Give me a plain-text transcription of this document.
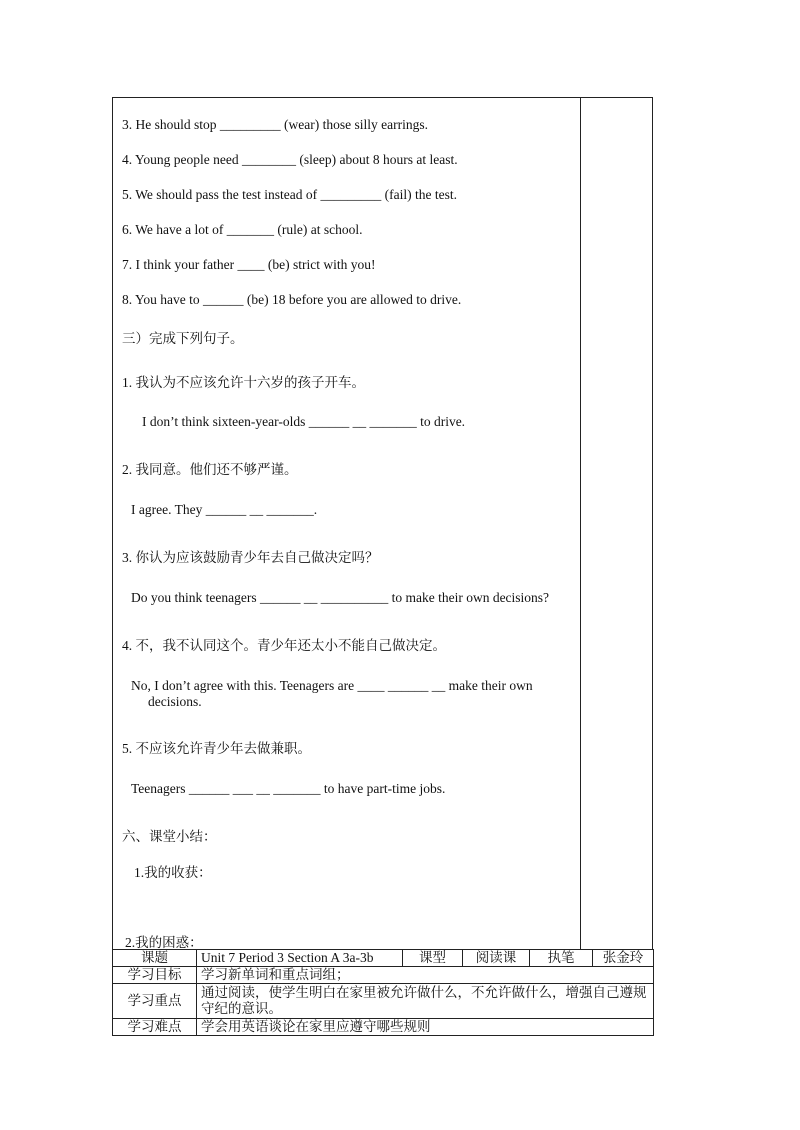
3. He should stop _________ (wear) those silly earrings.
4. Young people need ________ (sleep) about 8 hours at least.
5. We should pass the test instead of _________ (fail) the test.
6. We have a lot of _______ (rule) at school.
7. I think your father ____ (be) strict with you!
8. You have to ______ (be) 18 before you are allowed to drive.
三）完成下列句子。
1. 我认为不应该允许十六岁的孩子开车。
I don’t think sixteen-year-olds ______ __ _______ to drive.
2. 我同意。他们还不够严谨。
I agree. They ______ __ _______.
3. 你认为应该鼓励青少年去自己做决定吗？
Do you think teenagers ______ __ __________ to make their own decisions?
4. 不，我不认同这个。青少年还太小不能自己做决定。
No, I don’t agree with this. Teenagers are ____ ______ __ make their own decisions.
5. 不应该允许青少年去做兼职。
Teenagers ______ ___ __ _______ to have part-time jobs.
六、课堂小结：
1.我的收获：
2.我的困惑：
课题	Unit 7 Period 3 Section A 3a-3b	课型	阅读课	执笔	张金玲
学习目标	学习新单词和重点词组；				
学习重点	通过阅读，使学生明白在家里被允许做什么，不允许做什么，增强自己遵规守纪的意识。				
学习难点	学会用英语谈论在家里应遵守哪些规则				
